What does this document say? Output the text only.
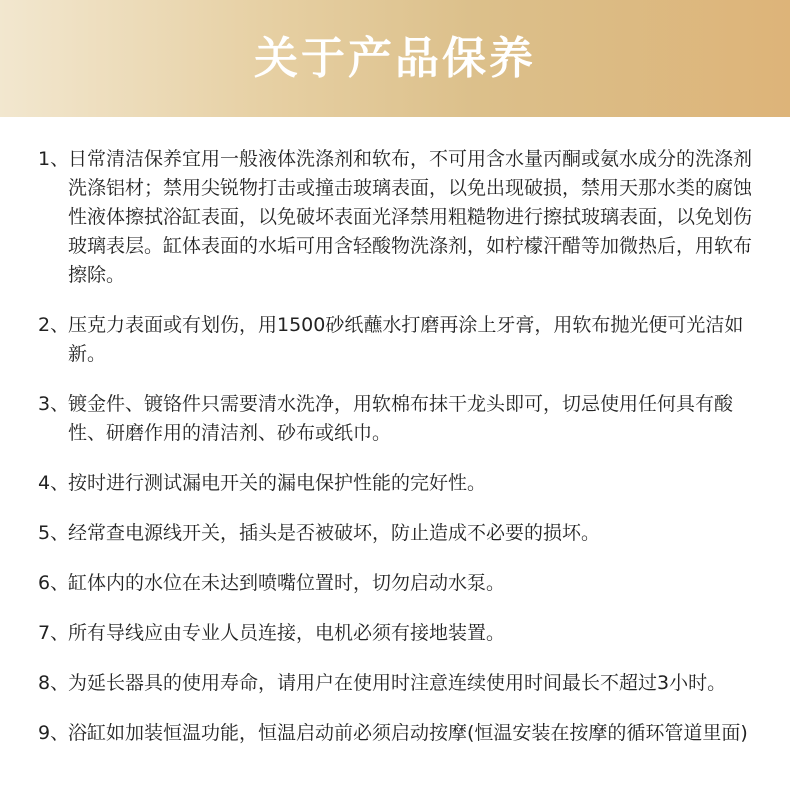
关于产品保养
1、
日常清洁保养宜用一般液体洗涤剂和软布，不可用含水量丙酮或氨水成分的洗涤剂洗涤铝材；禁用尖锐物打击或撞击玻璃表面，以免出现破损，禁用天那水类的腐蚀性液体擦拭浴缸表面，以免破坏表面光泽禁用粗糙物进行擦拭玻璃表面，以免划伤玻璃表层。缸体表面的水垢可用含轻酸物洗涤剂，如柠檬汗醋等加微热后，用软布擦除。
2、
压克力表面或有划伤，用1500砂纸蘸水打磨再涂上牙膏，用软布抛光便可光洁如新。
3、
镀金件、镀铬件只需要清水洗净，用软棉布抹干龙头即可，切忌使用任何具有酸性、研磨作用的清洁剂、砂布或纸巾。
4、
按时进行测试漏电开关的漏电保护性能的完好性。
5、
经常查电源线开关，插头是否被破坏，防止造成不必要的损坏。
6、
缸体内的水位在未达到喷嘴位置时，切勿启动水泵。
7、
所有导线应由专业人员连接，电机必须有接地装置。
8、
为延长器具的使用寿命，请用户在使用时注意连续使用时间最长不超过3小时。
9、
浴缸如加装恒温功能，恒温启动前必须启动按摩(恒温安装在按摩的循环管道里面)
